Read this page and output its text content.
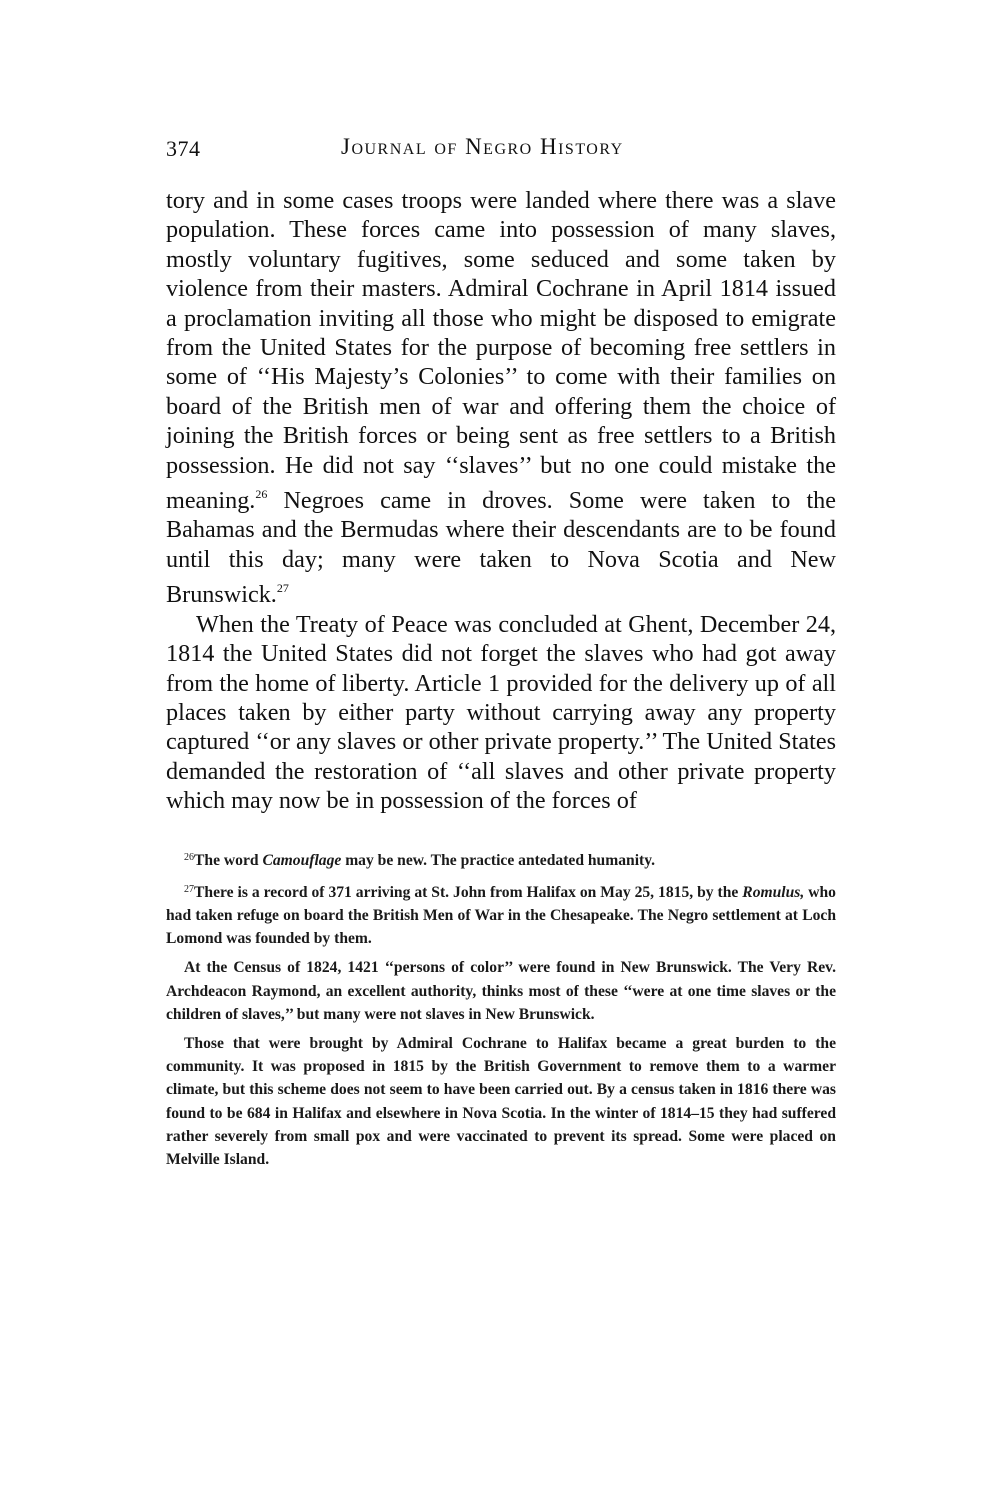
374	Journal of Negro History

tory and in some cases troops were landed where there was a slave population. These forces came into possession of many slaves, mostly voluntary fugitives, some seduced and some taken by violence from their masters. Admiral Cochrane in April 1814 issued a proclamation inviting all those who might be disposed to emigrate from the United States for the purpose of becoming free settlers in some of ‘‘His Majesty’s Colonies’’ to come with their families on board of the British men of war and offering them the choice of joining the British forces or being sent as free settlers to a British possession. He did not say ‘‘slaves’’ but no one could mistake the meaning.$^{26}$ Negroes came in droves. Some were taken to the Bahamas and the Bermudas where their descendants are to be found until this day; many were taken to Nova Scotia and New Brunswick.$^{27}$

When the Treaty of Peace was concluded at Ghent, December 24, 1814 the United States did not forget the slaves who had got away from the home of liberty. Article 1 provided for the delivery up of all places taken by either party without carrying away any property captured ‘‘or any slaves or other private property.’’ The United States demanded the restoration of ‘‘all slaves and other private property which may now be in possession of the forces of

$^{26}$The word Camouflage may be new. The practice antedated humanity.

$^{27}$There is a record of 371 arriving at St. John from Halifax on May 25, 1815, by the Romulus, who had taken refuge on board the British Men of War in the Chesapeake. The Negro settlement at Loch Lomond was founded by them.

At the Census of 1824, 1421 ‘‘persons of color’’ were found in New Brunswick. The Very Rev. Archdeacon Raymond, an excellent authority, thinks most of these ‘‘were at one time slaves or the children of slaves,’’ but many were not slaves in New Brunswick.

Those that were brought by Admiral Cochrane to Halifax became a great burden to the community. It was proposed in 1815 by the British Government to remove them to a warmer climate, but this scheme does not seem to have been carried out. By a census taken in 1816 there was found to be 684 in Halifax and elsewhere in Nova Scotia. In the winter of 1814–15 they had suffered rather severely from small pox and were vaccinated to prevent its spread. Some were placed on Melville Island.
